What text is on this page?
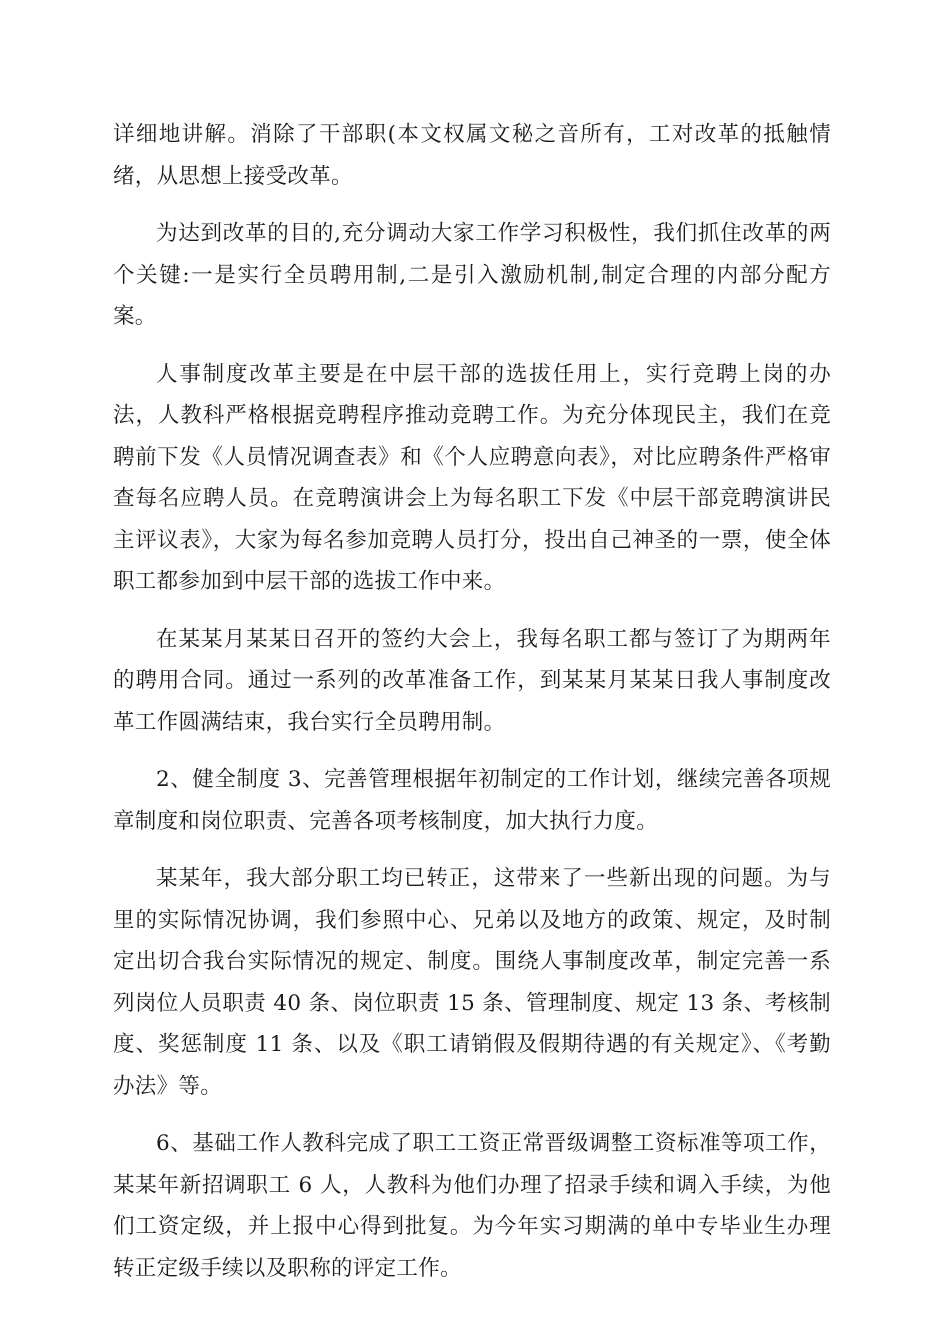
详细地讲解。消除了干部职(本文权属文秘之音所有，工对改革的抵触情绪，从思想上接受改革。

为达到改革的目的,充分调动大家工作学习积极性，我们抓住改革的两个关键:一是实行全员聘用制,二是引入激励机制,制定合理的内部分配方案。

人事制度改革主要是在中层干部的选拔任用上，实行竞聘上岗的办法，人教科严格根据竞聘程序推动竞聘工作。为充分体现民主，我们在竞聘前下发《人员情况调查表》和《个人应聘意向表》，对比应聘条件严格审查每名应聘人员。在竞聘演讲会上为每名职工下发《中层干部竞聘演讲民主评议表》，大家为每名参加竞聘人员打分，投出自己神圣的一票，使全体职工都参加到中层干部的选拔工作中来。

在某某月某某日召开的签约大会上，我每名职工都与签订了为期两年的聘用合同。通过一系列的改革准备工作，到某某月某某日我人事制度改革工作圆满结束，我台实行全员聘用制。

2、健全制度 3、完善管理根据年初制定的工作计划，继续完善各项规章制度和岗位职责、完善各项考核制度，加大执行力度。

某某年，我大部分职工均已转正，这带来了一些新出现的问题。为与里的实际情况协调，我们参照中心、兄弟以及地方的政策、规定，及时制定出切合我台实际情况的规定、制度。围绕人事制度改革，制定完善一系列岗位人员职责 40 条、岗位职责 15 条、管理制度、规定 13 条、考核制度、奖惩制度 11 条、以及《职工请销假及假期待遇的有关规定》、《考勤办法》等。

6、基础工作人教科完成了职工工资正常晋级调整工资标准等项工作，某某年新招调职工 6 人，人教科为他们办理了招录手续和调入手续，为他们工资定级，并上报中心得到批复。为今年实习期满的单中专毕业生办理转正定级手续以及职称的评定工作。
